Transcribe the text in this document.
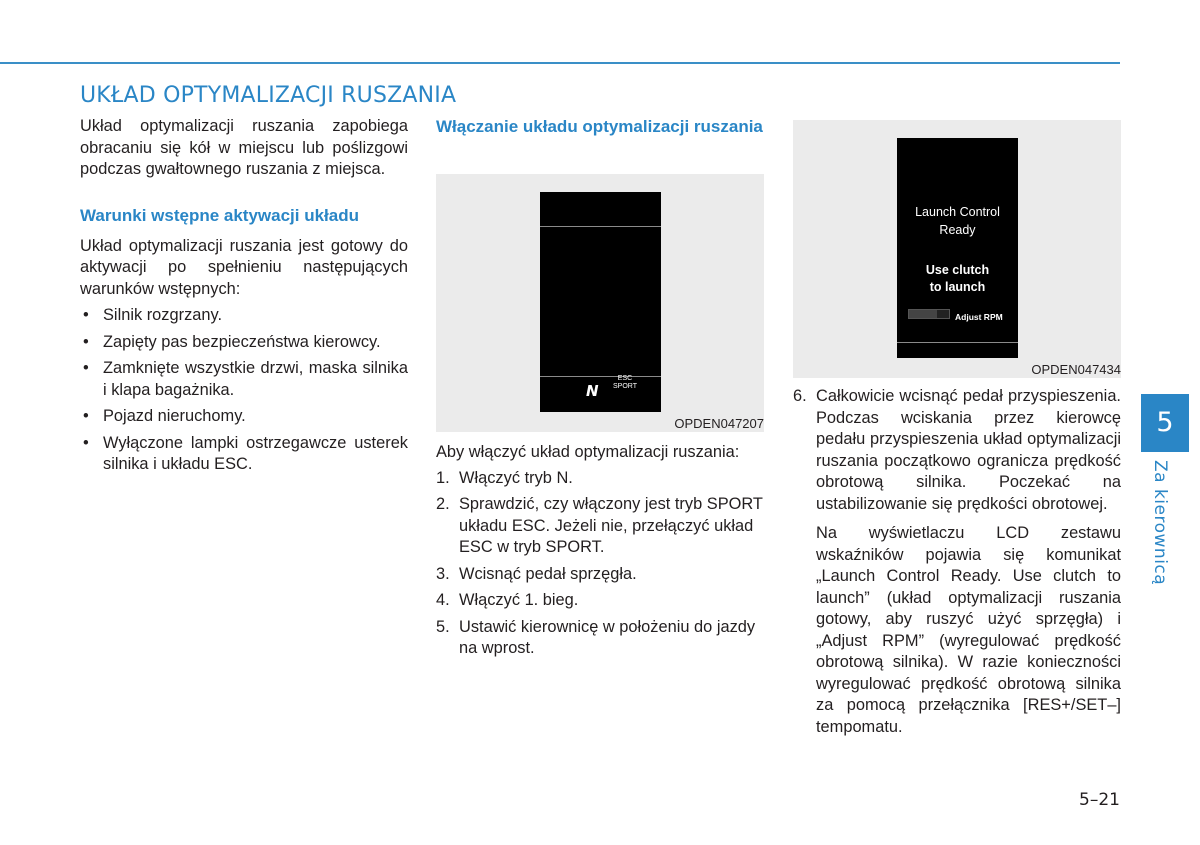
UKŁAD OPTYMALIZACJI RUSZANIA

Układ optymalizacji ruszania zapobiega obracaniu się kół w miejscu lub poślizgowi podczas gwałtownego ruszania z miejsca.

Warunki wstępne aktywacji układu

Układ optymalizacji ruszania jest gotowy do aktywacji po spełnieniu następujących warunków wstępnych:

• Silnik rozgrzany.
• Zapięty pas bezpieczeństwa kierowcy.
• Zamknięte wszystkie drzwi, maska silnika i klapa bagażnika.
• Pojazd nieruchomy.
• Wyłączone lampki ostrzegawcze usterek silnika i układu ESC.
Włączanie układu optymalizacji ruszania
N
ESC
SPORT
OPDEN047207

Aby włączyć układ optymalizacji ruszania:

1. Włączyć tryb N.
2. Sprawdzić, czy włączony jest tryb SPORT układu ESC. Jeżeli nie, przełączyć układ ESC w tryb SPORT.
3. Wcisnąć pedał sprzęgła.
4. Włączyć 1. bieg.
5. Ustawić kierownicę w położeniu do jazdy na wprost.
Launch Control
Ready
Use clutch
to launch
Adjust RPM
OPDEN047434
6. Całkowicie wcisnąć pedał przyspieszenia. Podczas wciskania przez kierowcę pedału przyspieszenia układ optymalizacji ruszania początkowo ogranicza prędkość obrotową silnika. Poczekać na ustabilizowanie się prędkości obrotowej.

Na wyświetlaczu LCD zestawu wskaźników pojawia się komunikat „Launch Control Ready. Use clutch to launch” (układ optymalizacji ruszania gotowy, aby ruszyć użyć sprzęgła) i „Adjust RPM” (wyregulować prędkość obrotową silnika). W razie konieczności wyregulować prędkość obrotową silnika za pomocą przełącznika [RES+/SET–] tempomatu.

5
Za kierownicą
5–21
